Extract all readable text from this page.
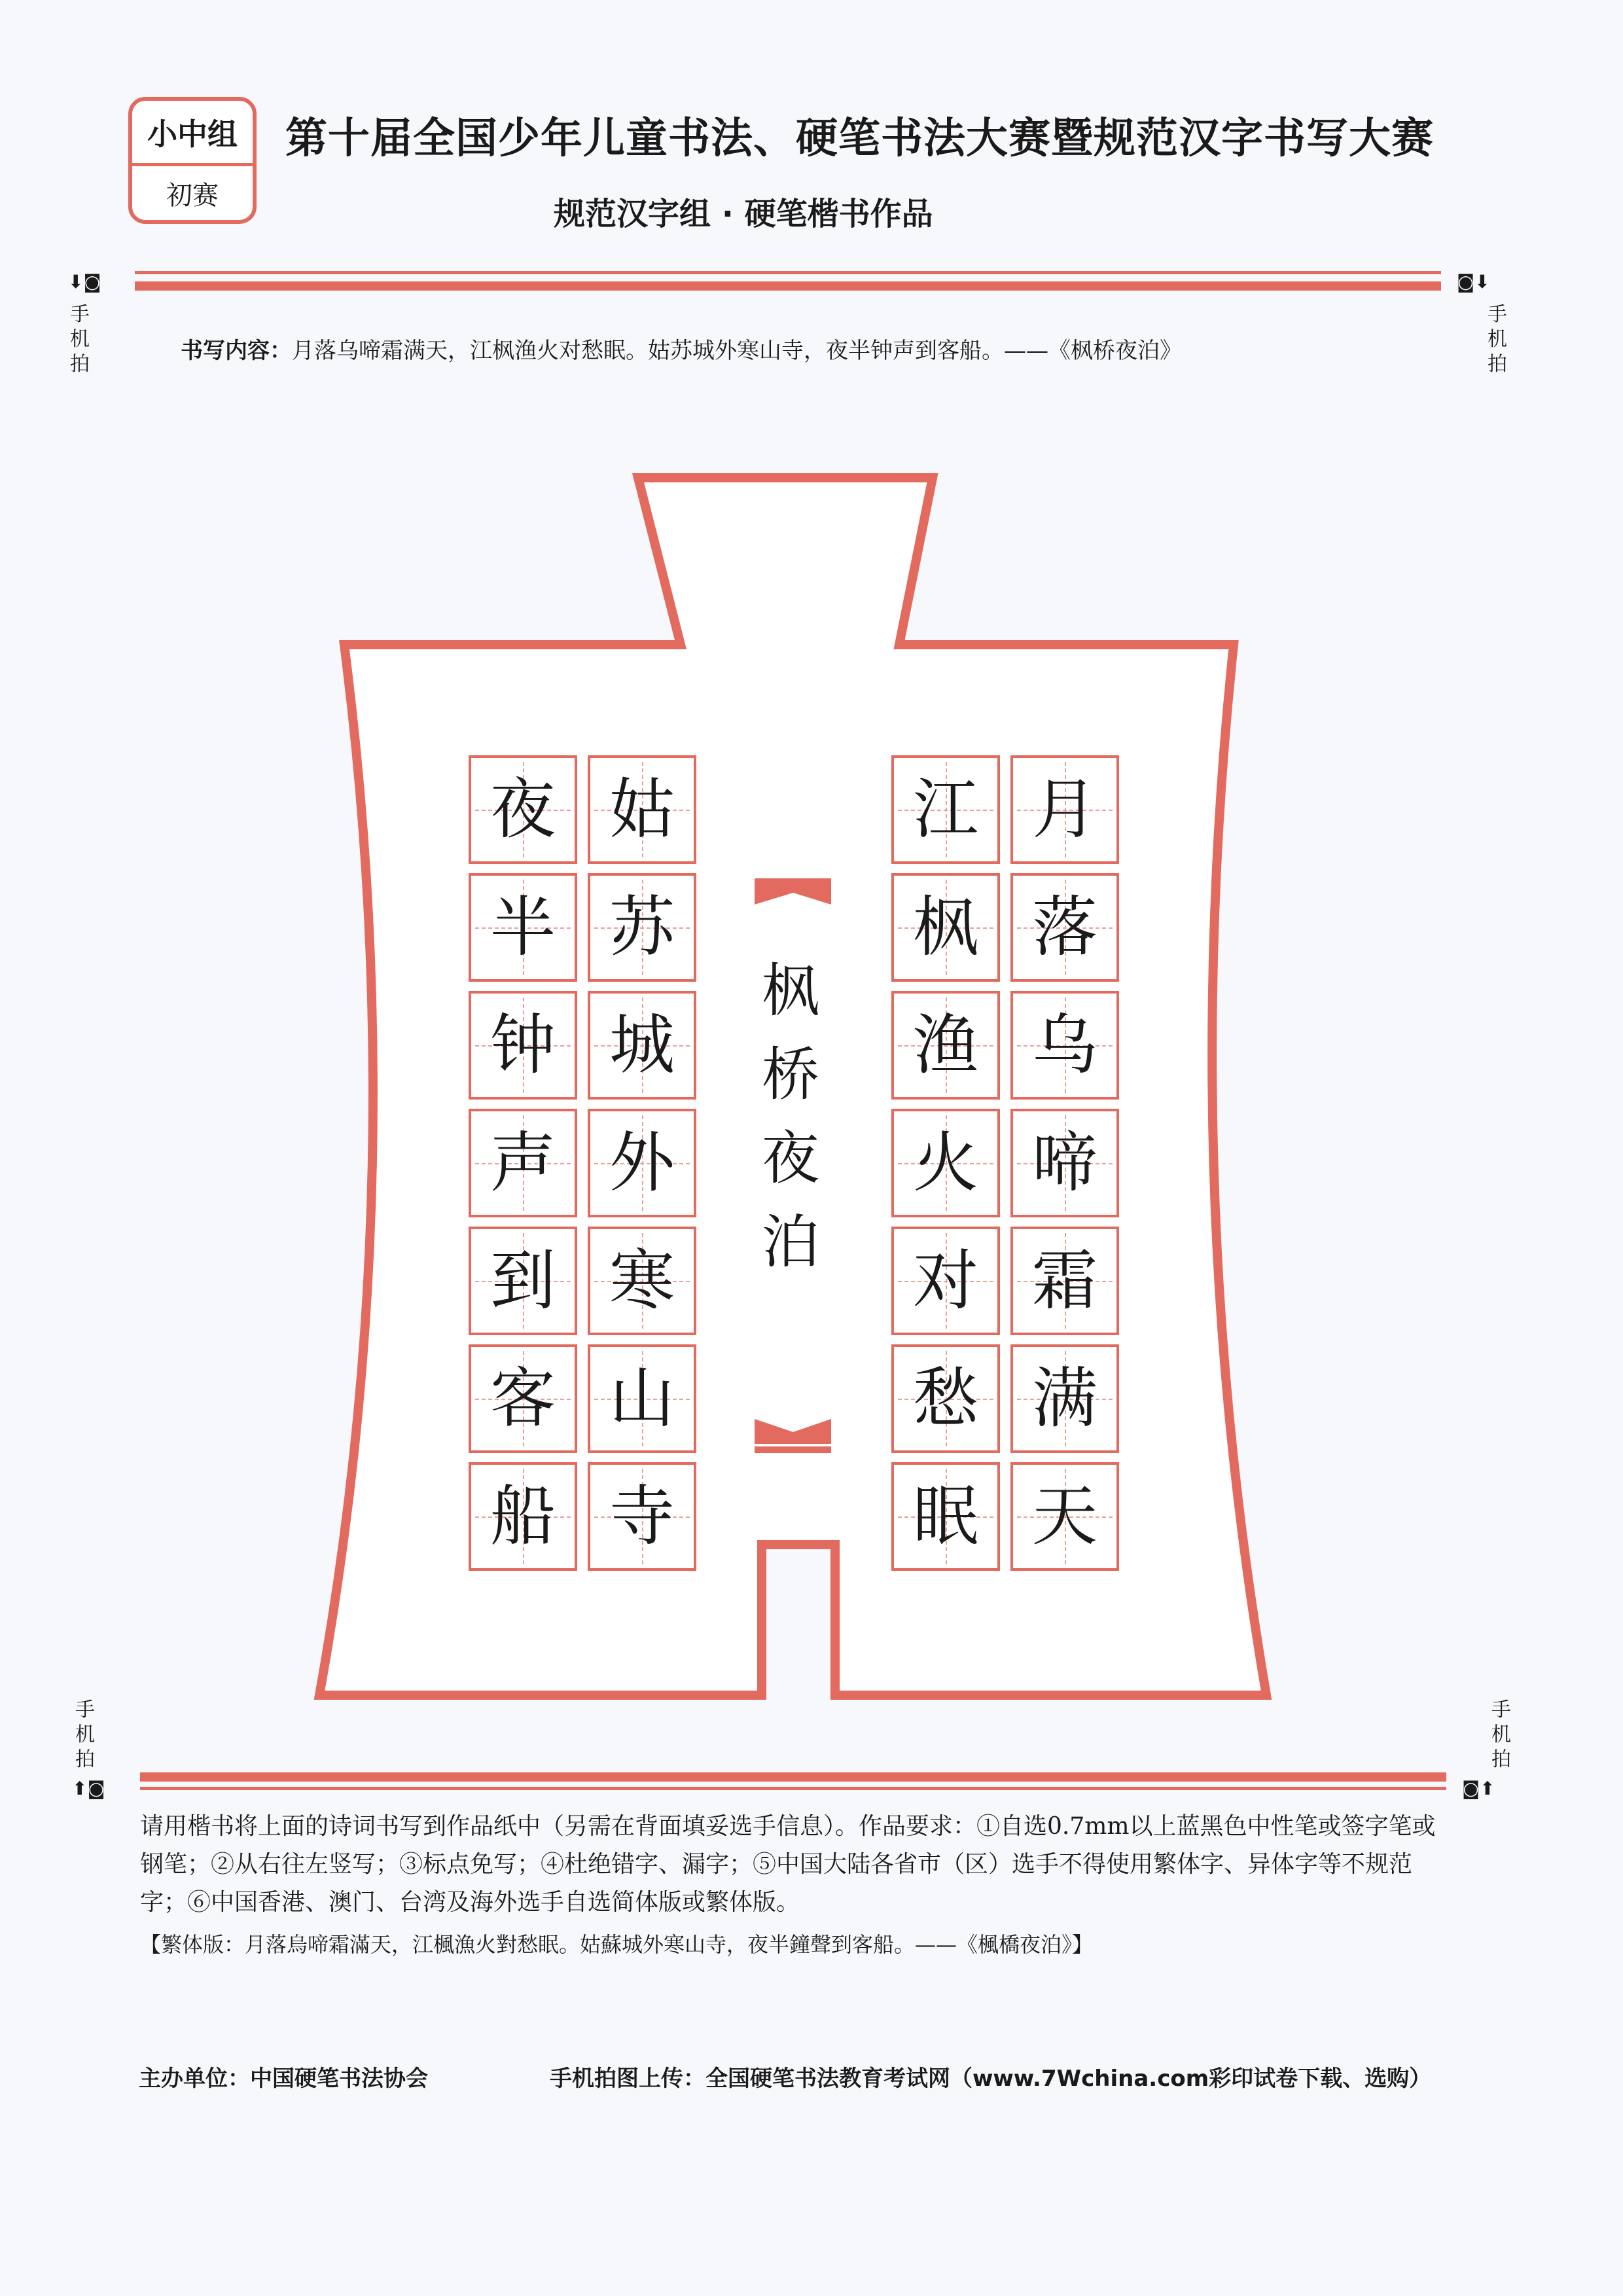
小中组
初赛
第十届全国少年儿童书法、硬笔书法大赛暨规范汉字书写大赛
规范汉字组 · 硬笔楷书作品
⬇◙
手机拍
◙⬇
手机拍
手机拍
⬆◙
手机拍
◙⬆
书写内容：月落乌啼霜满天，江枫渔火对愁眠。姑苏城外寒山寺，夜半钟声到客船。——《枫桥夜泊》
枫
桥
夜
泊
月
落
乌
啼
霜
满
天
江
枫
渔
火
对
愁
眠
姑
苏
城
外
寒
山
寺
夜
半
钟
声
到
客
船
请用楷书将上面的诗词书写到作品纸中（另需在背面填妥选手信息）。作品要求：①自选0.7mm以上蓝黑色中性笔或签字笔或钢笔；②从右往左竖写；③标点免写；④杜绝错字、漏字；⑤中国大陆各省市（区）选手不得使用繁体字、异体字等不规范字；⑥中国香港、澳门、台湾及海外选手自选简体版或繁体版。
【繁体版：月落烏啼霜滿天，江楓漁火對愁眠。姑蘇城外寒山寺，夜半鐘聲到客船。——《楓橋夜泊》】
主办单位：中国硬笔书法协会	手机拍图上传：全国硬笔书法教育考试网（www.7Wchina.com彩印试卷下载、选购）
